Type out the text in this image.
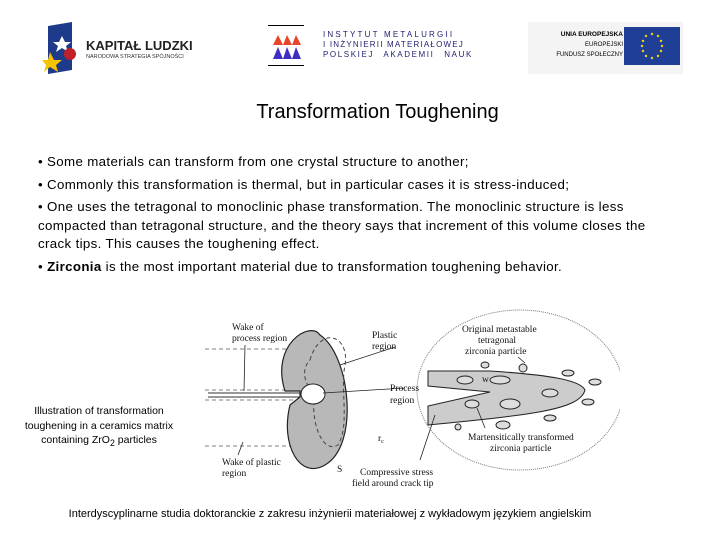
KAPITAŁ LUDZKI
NARODOWA STRATEGIA SPÓJNOŚCI
INSTYTUT METALURGII
I INŻYNIERII MATERIAŁOWEJ
POLSKIEJ AKADEMII NAUK
UNIA EUROPEJSKA
EUROPEJSKI
FUNDUSZ SPOŁECZNY
Transformation Toughening

• Some materials can transform from one crystal structure to another;

• Commonly this transformation is thermal, but in particular cases it is stress-induced;

• One uses the tetragonal to monoclinic phase transformation. The monoclinic structure is less compacted than tetragonal structure, and the theory says that increment of this volume closes the crack tips. This causes the toughening effect.

• Zirconia is the most important material due to transformation toughening behavior.

Wake of
process region	Plastic
region
Process
region
Original metastable
tetragonal
zirconia particle
w
Wake of plastic
region	S
$r_c$
Compressive stress
field around crack tip
Martensitically transformed
zirconia particle
Illustration of transformation toughening in a ceramics matrix containing ZrO$_2$ particles
Interdyscyplinarne studia doktoranckie z zakresu inżynierii materiałowej z wykładowym językiem angielskim
